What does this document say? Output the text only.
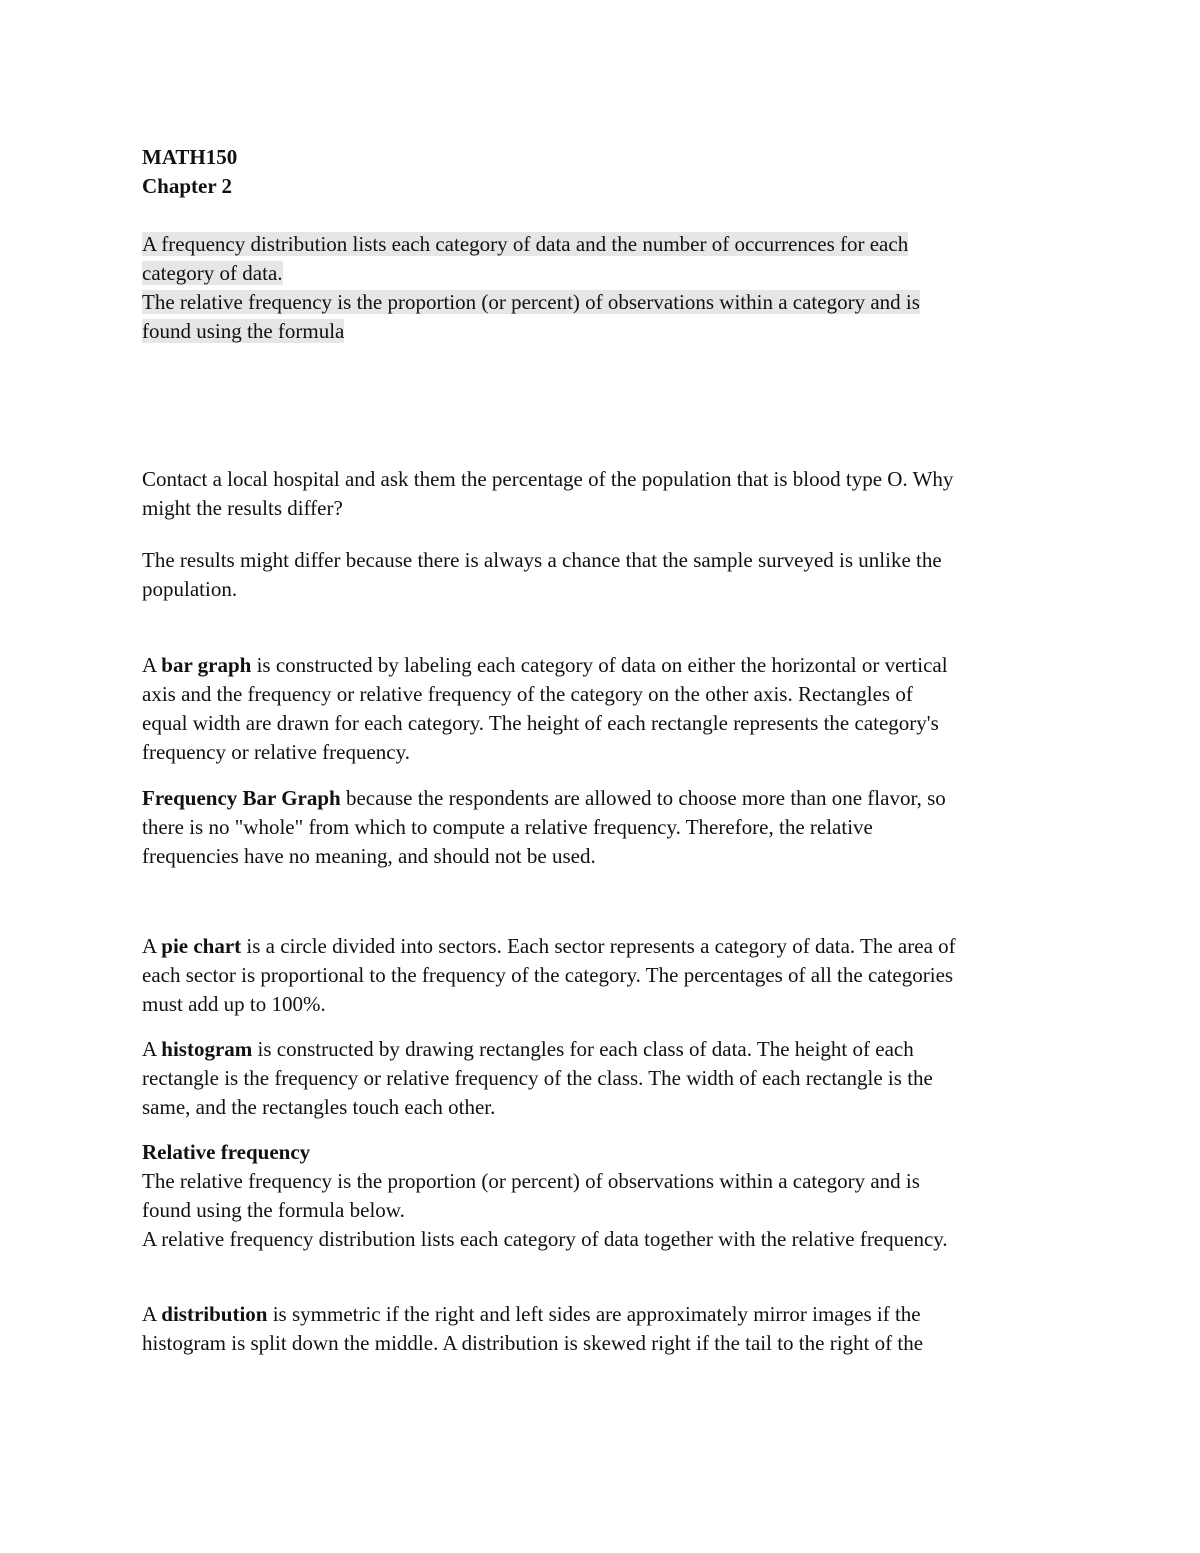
MATH150
Chapter 2
A frequency distribution lists each category of data and the number of occurrences for each
category of data.
The relative frequency is the proportion (or percent) of observations within a category and is
found using the formula
Contact a local hospital and ask them the percentage of the population that is blood type O. Why
might the results differ?
The results might differ because there is always a chance that the sample surveyed is unlike the
population.
A bar graph is constructed by labeling each category of data on either the horizontal or vertical
axis and the frequency or relative frequency of the category on the other axis. Rectangles of
equal width are drawn for each category. The height of each rectangle represents the category's
frequency or relative frequency.
Frequency Bar Graph because the respondents are allowed to choose more than one flavor, so
there is no "whole" from which to compute a relative frequency. Therefore, the relative
frequencies have no meaning, and should not be used.
A pie chart is a circle divided into sectors. Each sector represents a category of data. The area of
each sector is proportional to the frequency of the category. The percentages of all the categories
must add up to 100%.
A histogram is constructed by drawing rectangles for each class of data. The height of each
rectangle is the frequency or relative frequency of the class. The width of each rectangle is the
same, and the rectangles touch each other.
Relative frequency
The relative frequency is the proportion (or percent) of observations within a category and is
found using the formula below.
A relative frequency distribution lists each category of data together with the relative frequency.
A distribution is symmetric if the right and left sides are approximately mirror images if the
histogram is split down the middle. A distribution is skewed right if the tail to the right of the
